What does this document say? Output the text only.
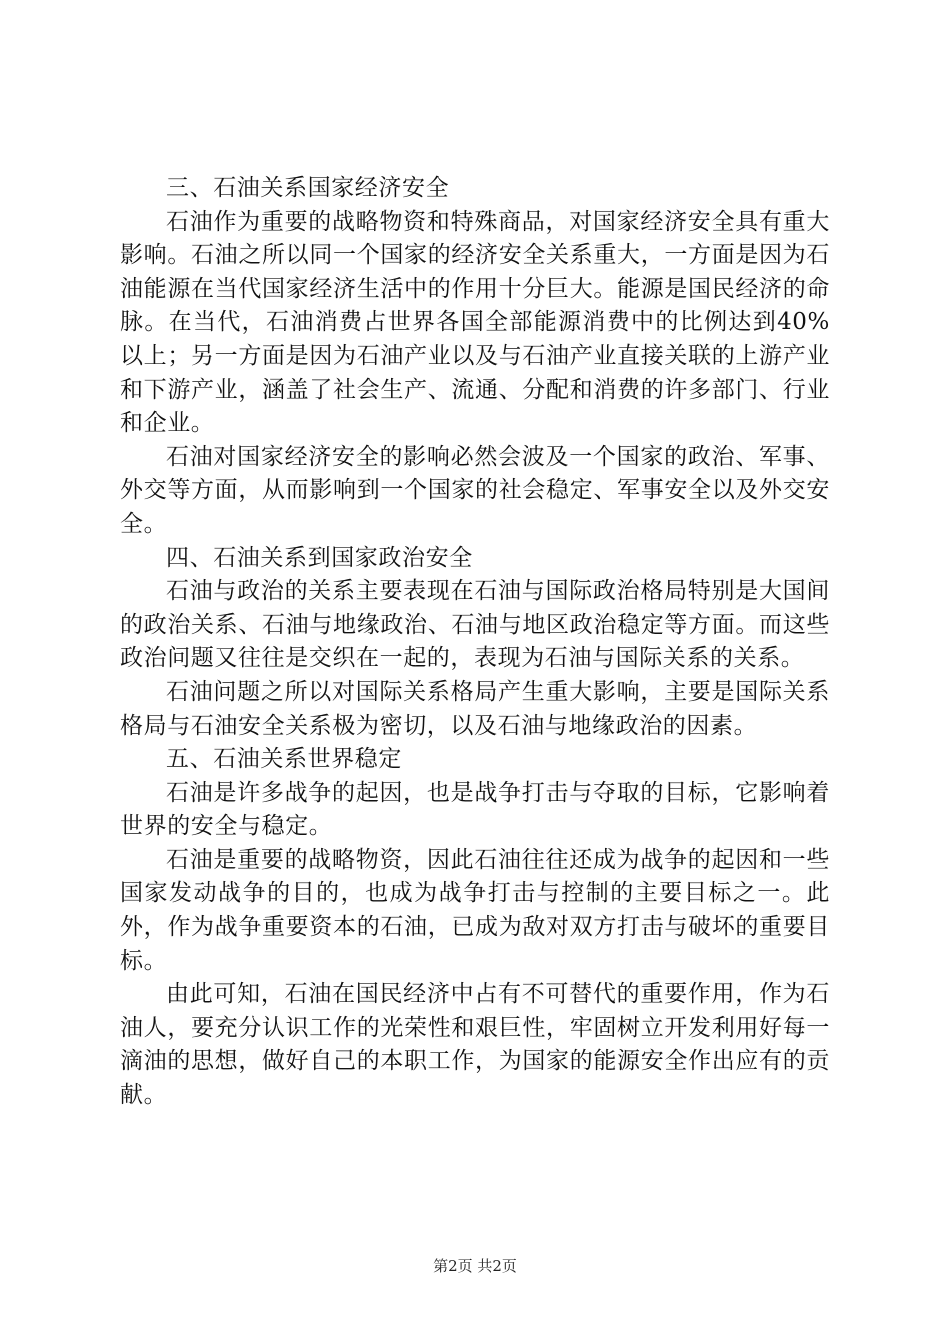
三、石油关系国家经济安全

石油作为重要的战略物资和特殊商品，对国家经济安全具有重大影响。石油之所以同一个国家的经济安全关系重大，一方面是因为石油能源在当代国家经济生活中的作用十分巨大。能源是国民经济的命脉。在当代，石油消费占世界各国全部能源消费中的比例达到40%以上；另一方面是因为石油产业以及与石油产业直接关联的上游产业和下游产业，涵盖了社会生产、流通、分配和消费的许多部门、行业和企业。

石油对国家经济安全的影响必然会波及一个国家的政治、军事、外交等方面，从而影响到一个国家的社会稳定、军事安全以及外交安全。

四、石油关系到国家政治安全

石油与政治的关系主要表现在石油与国际政治格局特别是大国间的政治关系、石油与地缘政治、石油与地区政治稳定等方面。而这些政治问题又往往是交织在一起的，表现为石油与国际关系的关系。

石油问题之所以对国际关系格局产生重大影响，主要是国际关系格局与石油安全关系极为密切，以及石油与地缘政治的因素。

五、石油关系世界稳定

石油是许多战争的起因，也是战争打击与夺取的目标，它影响着世界的安全与稳定。

石油是重要的战略物资，因此石油往往还成为战争的起因和一些国家发动战争的目的，也成为战争打击与控制的主要目标之一。此外，作为战争重要资本的石油，已成为敌对双方打击与破坏的重要目标。

由此可知，石油在国民经济中占有不可替代的重要作用，作为石油人，要充分认识工作的光荣性和艰巨性，牢固树立开发利用好每一滴油的思想，做好自己的本职工作，为国家的能源安全作出应有的贡献。

第2页 共2页
